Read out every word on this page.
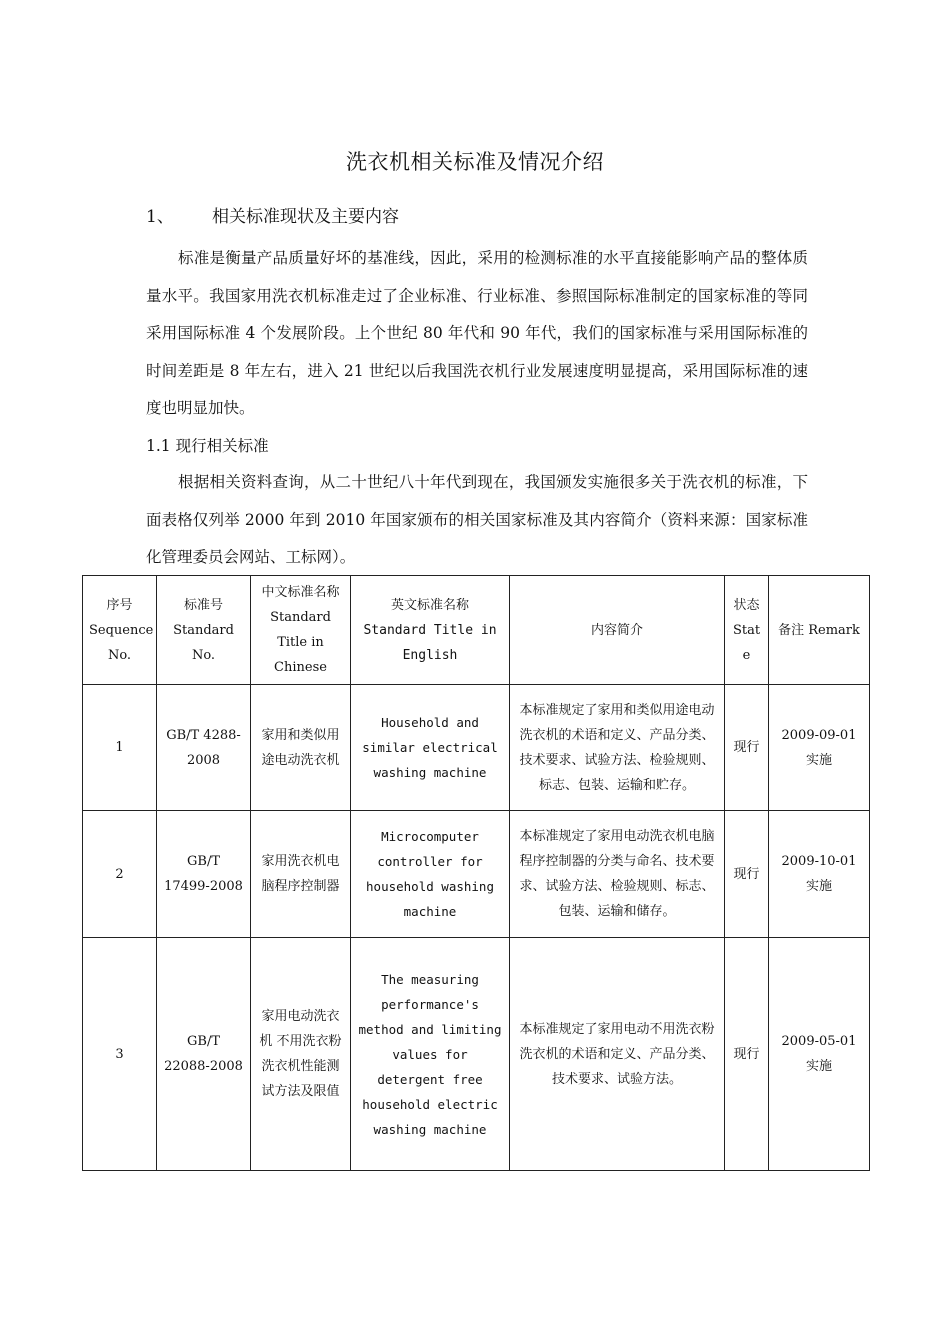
洗衣机相关标准及情况介绍
1、 相关标准现状及主要内容

标准是衡量产品质量好坏的基准线，因此，采用的检测标准的水平直接能影响产品的整体质量水平。我国家用洗衣机标准走过了企业标准、行业标准、参照国际标准制定的国家标准的等同采用国际标准 4 个发展阶段。上个世纪 80 年代和 90 年代，我们的国家标准与采用国际标准的时间差距是 8 年左右，进入 21 世纪以后我国洗衣机行业发展速度明显提高，采用国际标准的速度也明显加快。

1.1 现行相关标准

根据相关资料查询，从二十世纪八十年代到现在，我国颁发实施很多关于洗衣机的标准，下面表格仅列举 2000 年到 2010 年国家颁布的相关国家标准及其内容简介（资料来源：国家标准化管理委员会网站、工标网）。

序号 Sequence No.	标准号 Standard No.	中文标准名称 Standard Title in Chinese	英文标准名称 Standard Title in English	内容简介	状态 State	备注 Remark
1	GB/T 4288-2008	家用和类似用途电动洗衣机	Household and similar electrical washing machine	本标准规定了家用和类似用途电动洗衣机的术语和定义、产品分类、技术要求、试验方法、检验规则、标志、包装、运输和贮存。	现行	2009-09-01 实施
2	GB/T 17499-2008	家用洗衣机电脑程序控制器	Microcomputer controller for household washing machine	本标准规定了家用电动洗衣机电脑程序控制器的分类与命名、技术要求、试验方法、检验规则、标志、包装、运输和储存。	现行	2009-10-01 实施
3	GB/T 22088-2008	家用电动洗衣机 不用洗衣粉洗衣机性能测试方法及限值	The measuring performance's method and limiting values for detergent free household electric washing machine	本标准规定了家用电动不用洗衣粉洗衣机的术语和定义、产品分类、技术要求、试验方法。	现行	2009-05-01 实施
